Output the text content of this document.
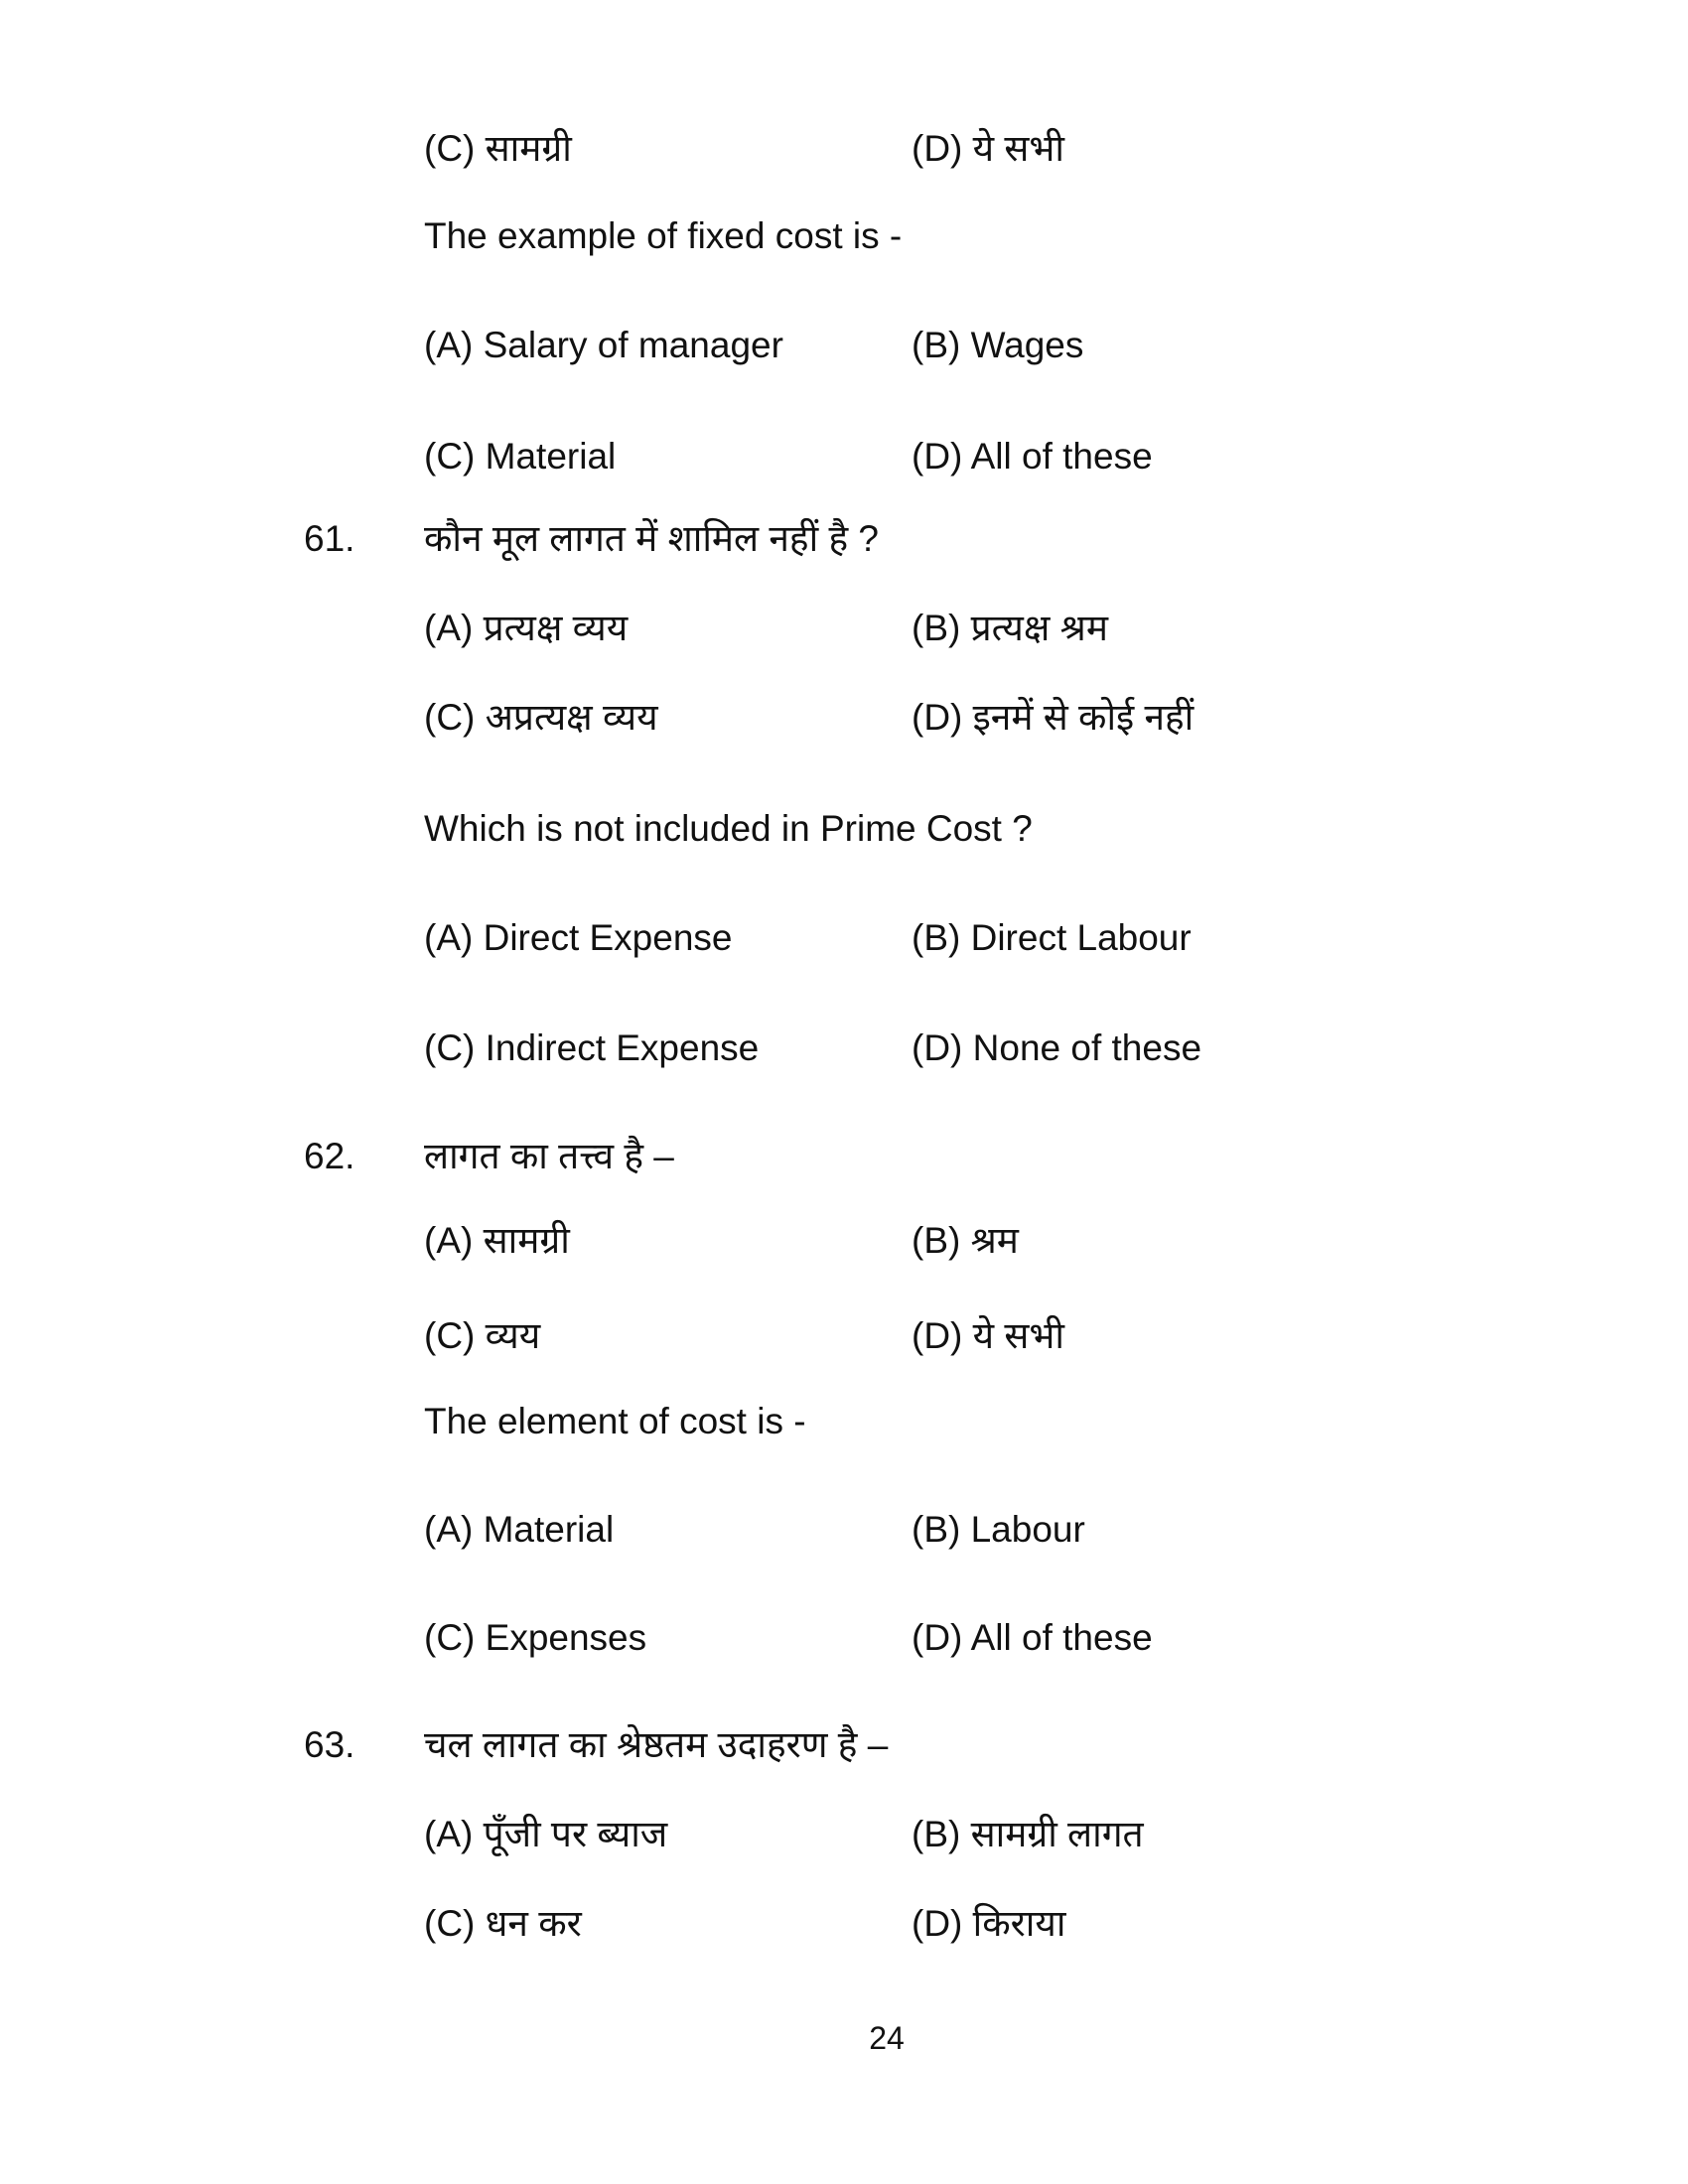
(C) सामग्री	(D) ये सभी
The example of fixed cost is -
(A) Salary of manager	(B) Wages
(C) Material	(D) All of these
61. कौन मूल लागत में शामिल नहीं है ?
(A) प्रत्यक्ष व्यय	(B) प्रत्यक्ष श्रम
(C) अप्रत्यक्ष व्यय	(D) इनमें से कोई नहीं
Which is not included in Prime Cost ?
(A) Direct Expense	(B) Direct Labour
(C) Indirect Expense	(D) None of these
62. लागत का तत्त्व है –
(A) सामग्री	(B) श्रम
(C) व्यय	(D) ये सभी
The element of cost is -
(A) Material	(B) Labour
(C) Expenses	(D) All of these
63. चल लागत का श्रेष्ठतम उदाहरण है –
(A) पूँजी पर ब्याज	(B) सामग्री लागत
(C) धन कर	(D) किराया
24
